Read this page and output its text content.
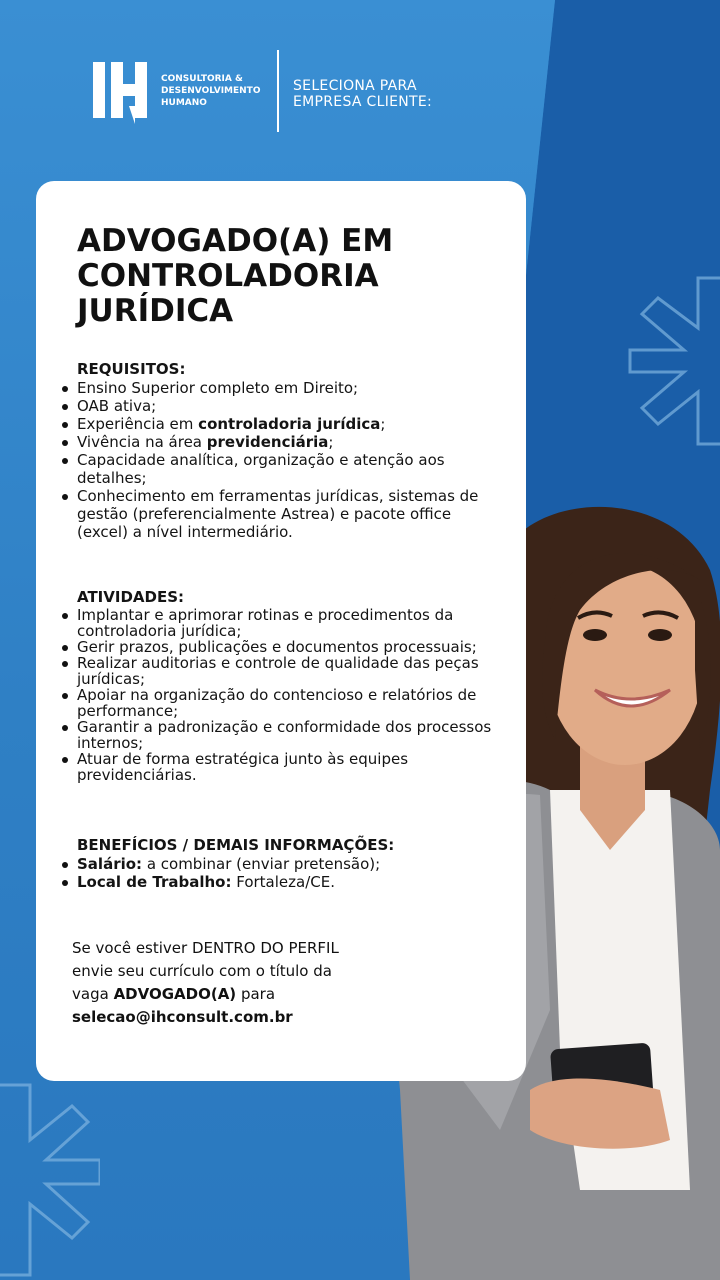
CONSULTORIA &
DESENVOLVIMENTO
HUMANO
SELECIONA PARA
EMPRESA CLIENTE:
ADVOGADO(A) EM
CONTROLADORIA
JURÍDICA
REQUISITOS:
Ensino Superior completo em Direito;
OAB ativa;
Experiência em controladoria jurídica;
Vivência na área previdenciária;
Capacidade analítica, organização e atenção aos detalhes;
Conhecimento em ferramentas jurídicas, sistemas de gestão (preferencialmente Astrea) e pacote office (excel) a nível intermediário.
ATIVIDADES:
Implantar e aprimorar rotinas e procedimentos da controladoria jurídica;
Gerir prazos, publicações e documentos processuais;
Realizar auditorias e controle de qualidade das peças jurídicas;
Apoiar na organização do contencioso e relatórios de performance;
Garantir a padronização e conformidade dos processos internos;
Atuar de forma estratégica junto às equipes previdenciárias.
BENEFÍCIOS / DEMAIS INFORMAÇÕES:
Salário: a combinar (enviar pretensão);
Local de Trabalho: Fortaleza/CE.
Se você estiver DENTRO DO PERFIL
envie seu currículo com o título da
vaga ADVOGADO(A) para
selecao@ihconsult.com.br
